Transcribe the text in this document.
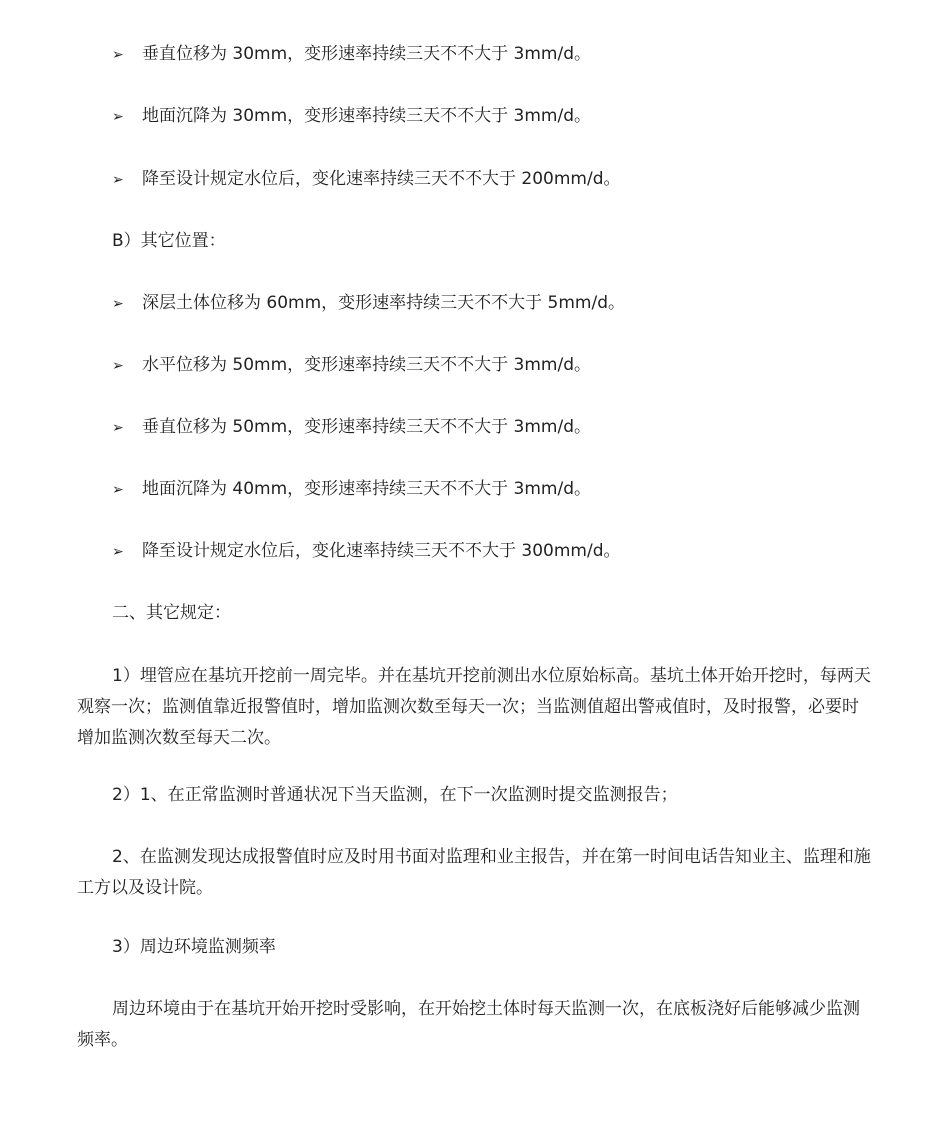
➢ 垂直位移为 30mm，变形速率持续三天不不大于 3mm/d。
➢ 地面沉降为 30mm，变形速率持续三天不不大于 3mm/d。
➢ 降至设计规定水位后，变化速率持续三天不不大于 200mm/d。
B）其它位置：
➢ 深层土体位移为 60mm，变形速率持续三天不不大于 5mm/d。
➢ 水平位移为 50mm，变形速率持续三天不不大于 3mm/d。
➢ 垂直位移为 50mm，变形速率持续三天不不大于 3mm/d。
➢ 地面沉降为 40mm，变形速率持续三天不不大于 3mm/d。
➢ 降至设计规定水位后，变化速率持续三天不不大于 300mm/d。
二、其它规定：
1）埋管应在基坑开挖前一周完毕。并在基坑开挖前测出水位原始标高。基坑土体开始开挖时，每两天观察一次；监测值靠近报警值时，增加监测次数至每天一次；当监测值超出警戒值时，及时报警，必要时增加监测次数至每天二次。
2）1、在正常监测时普通状况下当天监测，在下一次监测时提交监测报告；
2、在监测发现达成报警值时应及时用书面对监理和业主报告，并在第一时间电话告知业主、监理和施工方以及设计院。
3）周边环境监测频率
周边环境由于在基坑开始开挖时受影响，在开始挖土体时每天监测一次，在底板浇好后能够减少监测频率。
